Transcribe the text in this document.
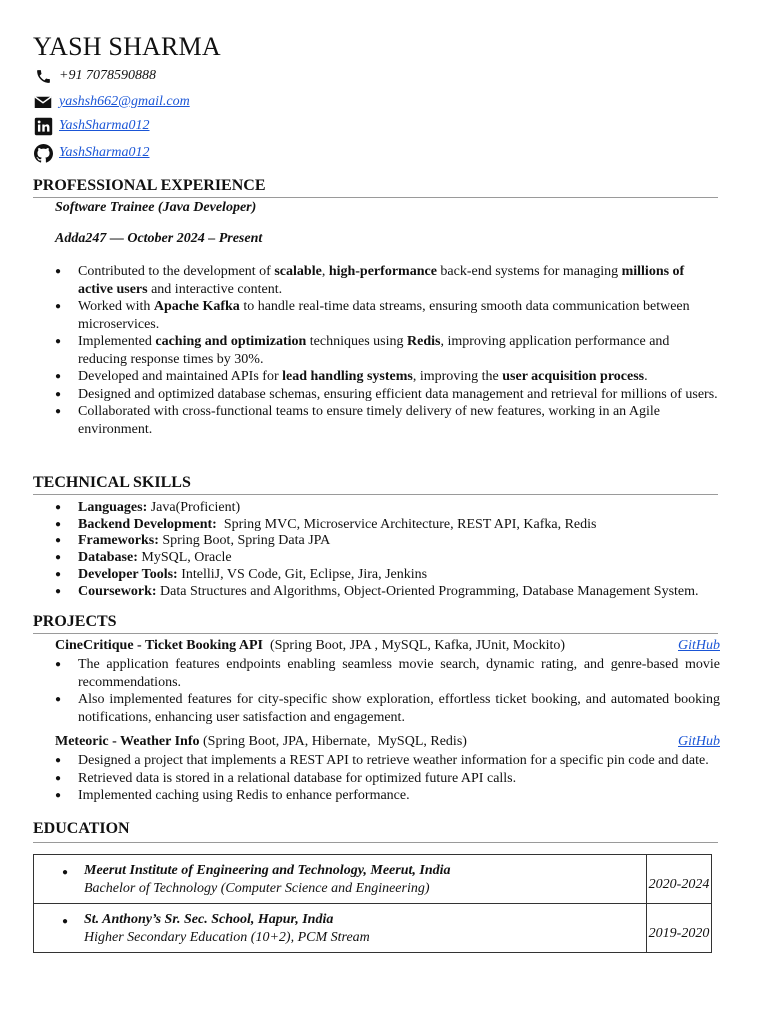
YASH SHARMA
+91 7078590888
yashsh662@gmail.com
YashSharma012
YashSharma012
PROFESSIONAL EXPERIENCE
Software Trainee (Java Developer)
Adda247 — October 2024 – Present
● Contributed to the development of scalable, high-performance back-end systems for managing millions of active users and interactive content.
● Worked with Apache Kafka to handle real-time data streams, ensuring smooth data communication between microservices.
● Implemented caching and optimization techniques using Redis, improving application performance and reducing response times by 30%.
● Developed and maintained APIs for lead handling systems, improving the user acquisition process.
● Designed and optimized database schemas, ensuring efficient data management and retrieval for millions of users.
● Collaborated with cross-functional teams to ensure timely delivery of new features, working in an Agile environment.
TECHNICAL SKILLS
● Languages: Java(Proficient)
● Backend Development:  Spring MVC, Microservice Architecture, REST API, Kafka, Redis
● Frameworks: Spring Boot, Spring Data JPA
● Database: MySQL, Oracle
● Developer Tools: IntelliJ, VS Code, Git, Eclipse, Jira, Jenkins
● Coursework: Data Structures and Algorithms, Object-Oriented Programming, Database Management System.
PROJECTS
CineCritique - Ticket Booking API  (Spring Boot, JPA , MySQL, Kafka, JUnit, Mockito)	GitHub
● The application features endpoints enabling seamless movie search, dynamic rating, and genre-based movie recommendations.
● Also implemented features for city-specific show exploration, effortless ticket booking, and automated booking notifications, enhancing user satisfaction and engagement.
Meteoric - Weather Info (Spring Boot, JPA, Hibernate,  MySQL, Redis)	GitHub
● Designed a project that implements a REST API to retrieve weather information for a specific pin code and date.
● Retrieved data is stored in a relational database for optimized future API calls.
● Implemented caching using Redis to enhance performance.
EDUCATION
● Meerut Institute of Engineering and Technology, Meerut, India
Bachelor of Technology (Computer Science and Engineering)	2020-2024

● St. Anthony’s Sr. Sec. School, Hapur, India
Higher Secondary Education (10+2), PCM Stream	2019-2020
